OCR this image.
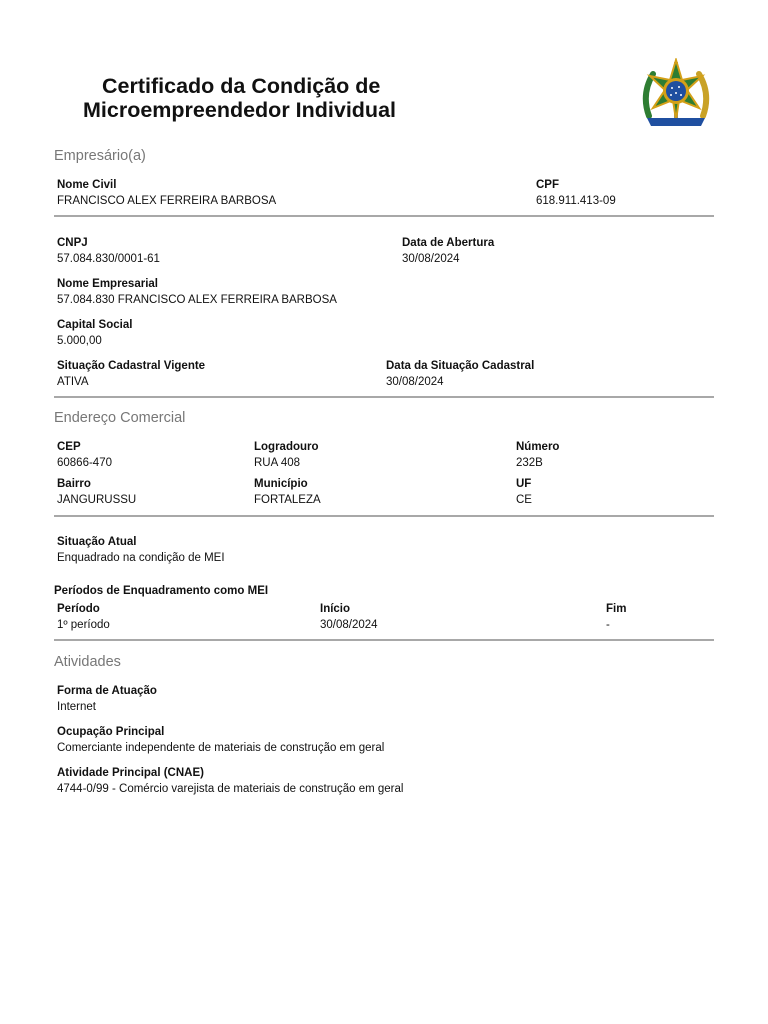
Certificado da Condição de
Microempreendedor Individual
Empresário(a)
Nome Civil
FRANCISCO ALEX FERREIRA BARBOSA
CPF
618.911.413-09
CNPJ
57.084.830/0001-61
Data de Abertura
30/08/2024
Nome Empresarial
57.084.830 FRANCISCO ALEX FERREIRA BARBOSA
Capital Social
5.000,00
Situação Cadastral Vigente
ATIVA
Data da Situação Cadastral
30/08/2024
Endereço Comercial
CEP
60866-470
Logradouro
RUA 408
Número
232B
Bairro
JANGURUSSU
Município
FORTALEZA
UF
CE
Situação Atual
Enquadrado na condição de MEI
Períodos de Enquadramento como MEI
Período
1º período
Início
30/08/2024
Fim
-
Atividades
Forma de Atuação
Internet
Ocupação Principal
Comerciante independente de materiais de construção em geral
Atividade Principal (CNAE)
4744-0/99 - Comércio varejista de materiais de construção em geral
